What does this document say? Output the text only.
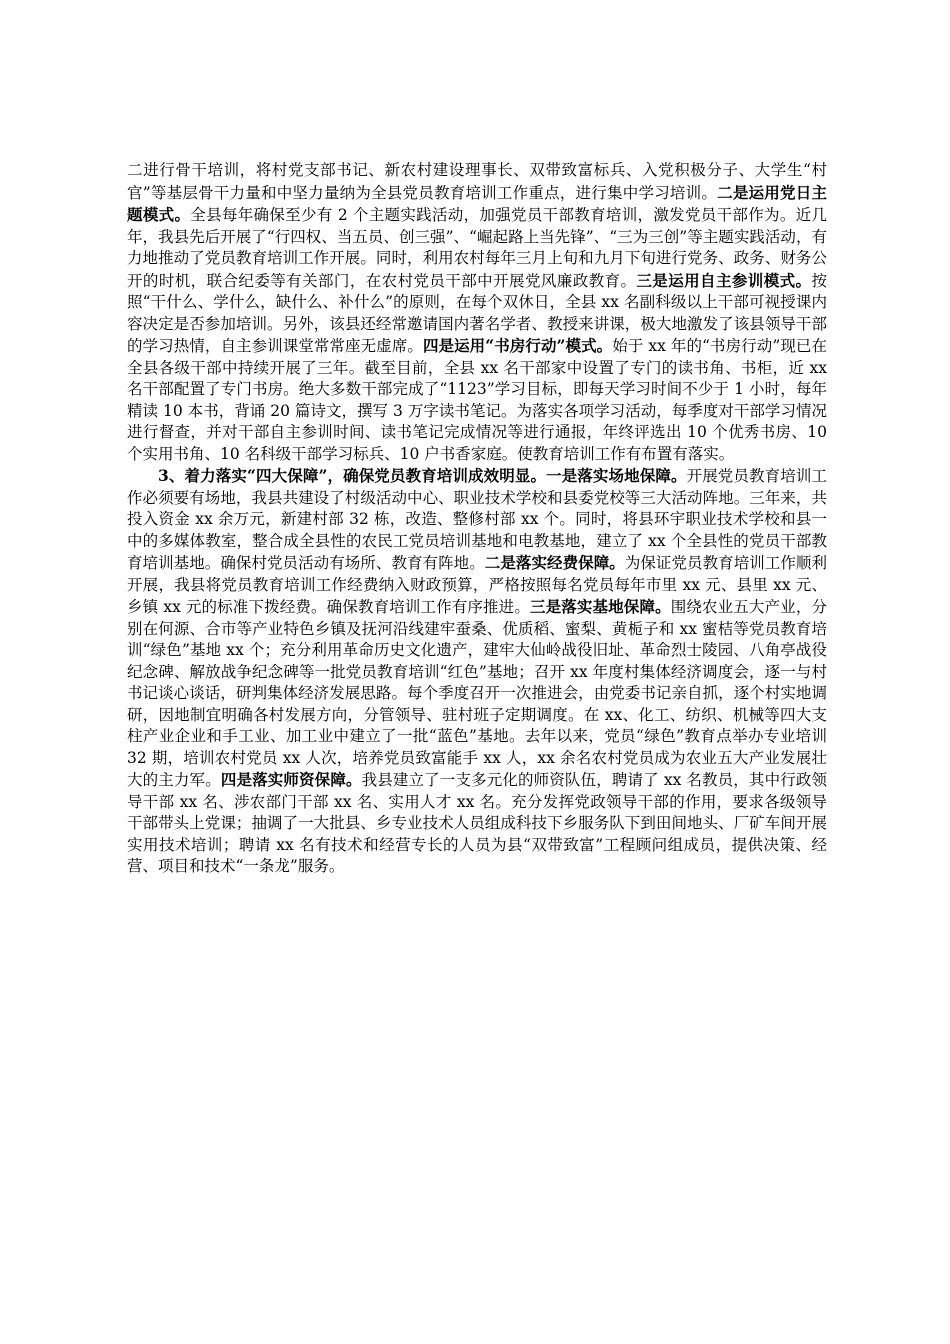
二进行骨干培训，将村党支部书记、新农村建设理事长、双带致富标兵、入党积极分子、大学生“村官”等基层骨干力量和中坚力量纳为全县党员教育培训工作重点，进行集中学习培训。二是运用党日主题模式。全县每年确保至少有 2 个主题实践活动，加强党员干部教育培训，激发党员干部作为。近几年，我县先后开展了“行四权、当五员、创三强”、“崛起路上当先锋”、“三为三创”等主题实践活动，有力地推动了党员教育培训工作开展。同时，利用农村每年三月上旬和九月下旬进行党务、政务、财务公开的时机，联合纪委等有关部门，在农村党员干部中开展党风廉政教育。三是运用自主参训模式。按照“干什么、学什么，缺什么、补什么”的原则，在每个双休日，全县 xx 名副科级以上干部可视授课内容决定是否参加培训。另外，该县还经常邀请国内著名学者、教授来讲课，极大地激发了该县领导干部的学习热情，自主参训课堂常常座无虚席。四是运用“书房行动”模式。始于 xx 年的“书房行动”现已在全县各级干部中持续开展了三年。截至目前，全县 xx 名干部家中设置了专门的读书角、书柜，近 xx 名干部配置了专门书房。绝大多数干部完成了“1123”学习目标，即每天学习时间不少于 1 小时，每年精读 10 本书，背诵 20 篇诗文，撰写 3 万字读书笔记。为落实各项学习活动，每季度对干部学习情况进行督查，并对干部自主参训时间、读书笔记完成情况等进行通报，年终评选出 10 个优秀书房、10 个实用书角、10 名科级干部学习标兵、10 户书香家庭。使教育培训工作有布置有落实。

3、着力落实“四大保障”，确保党员教育培训成效明显。一是落实场地保障。开展党员教育培训工作必须要有场地，我县共建设了村级活动中心、职业技术学校和县委党校等三大活动阵地。三年来，共投入资金 xx 余万元，新建村部 32 栋，改造、整修村部 xx 个。同时，将县环宇职业技术学校和县一中的多媒体教室，整合成全县性的农民工党员培训基地和电教基地，建立了 xx 个全县性的党员干部教育培训基地。确保村党员活动有场所、教育有阵地。二是落实经费保障。为保证党员教育培训工作顺利开展，我县将党员教育培训工作经费纳入财政预算，严格按照每名党员每年市里 xx 元、县里 xx 元、乡镇 xx 元的标准下拨经费。确保教育培训工作有序推进。三是落实基地保障。围绕农业五大产业，分别在何源、合市等产业特色乡镇及抚河沿线建牢蚕桑、优质稻、蜜梨、黄栀子和 xx 蜜桔等党员教育培训“绿色”基地 xx 个；充分利用革命历史文化遗产，建牢大仙岭战役旧址、革命烈士陵园、八角亭战役纪念碑、解放战争纪念碑等一批党员教育培训“红色”基地；召开 xx 年度村集体经济调度会，逐一与村书记谈心谈话，研判集体经济发展思路。每个季度召开一次推进会，由党委书记亲自抓，逐个村实地调研，因地制宜明确各村发展方向，分管领导、驻村班子定期调度。在 xx、化工、纺织、机械等四大支柱产业企业和手工业、加工业中建立了一批“蓝色”基地。去年以来，党员“绿色”教育点举办专业培训 32 期，培训农村党员 xx 人次，培养党员致富能手 xx 人，xx 余名农村党员成为农业五大产业发展壮大的主力军。四是落实师资保障。我县建立了一支多元化的师资队伍，聘请了 xx 名教员，其中行政领导干部 xx 名、涉农部门干部 xx 名、实用人才 xx 名。充分发挥党政领导干部的作用，要求各级领导干部带头上党课；抽调了一大批县、乡专业技术人员组成科技下乡服务队下到田间地头、厂矿车间开展实用技术培训；聘请 xx 名有技术和经营专长的人员为县“双带致富”工程顾问组成员，提供决策、经营、项目和技术“一条龙”服务。
